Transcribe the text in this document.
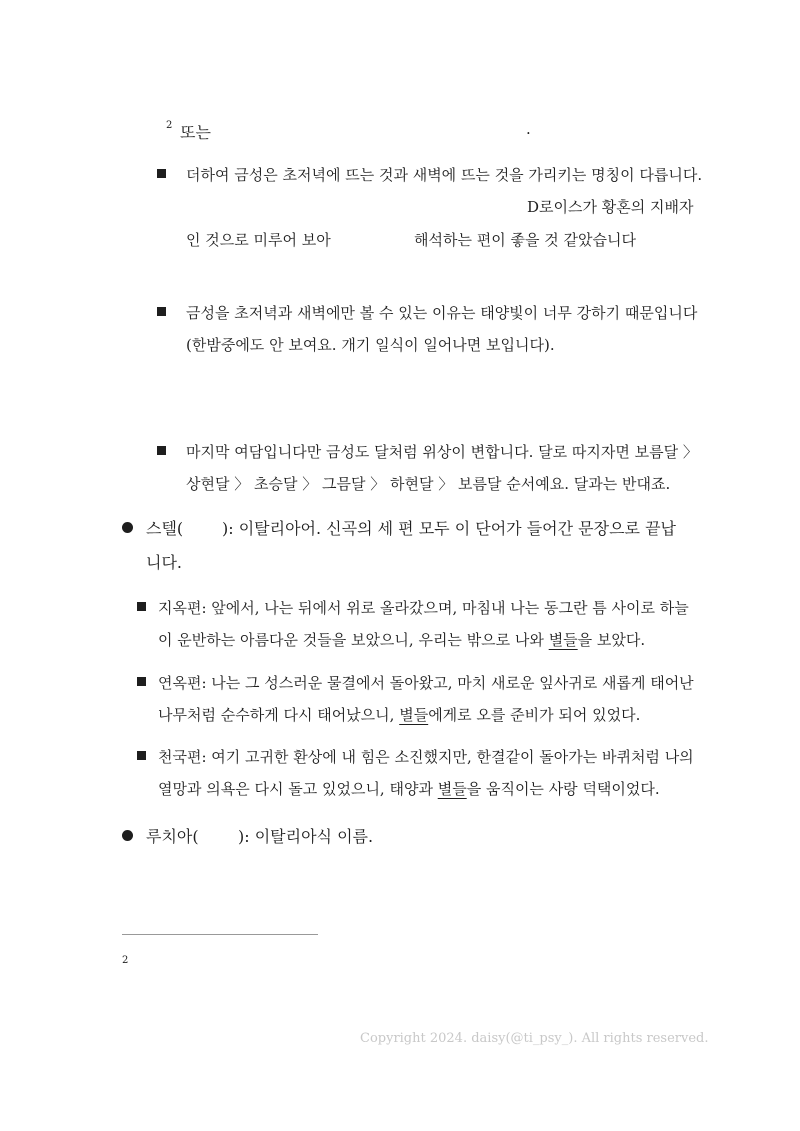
2 또는	.
더하여 금성은 초저녁에 뜨는 것과 새벽에 뜨는 것을 가리키는 명칭이 다릅니다.
D로이스가 황혼의 지배자
인 것으로 미루어 보아	해석하는 편이 좋을 것 같았습니다
금성을 초저녁과 새벽에만 볼 수 있는 이유는 태양빛이 너무 강하기 때문입니다
(한밤중에도 안 보여요. 개기 일식이 일어나면 보입니다).
마지막 여담입니다만 금성도 달처럼 위상이 변합니다. 달로 따지자면 보름달 〉
상현달 〉 초승달 〉 그믐달 〉 하현달 〉 보름달 순서예요. 달과는 반대죠.
스텔( ): 이탈리아어. 신곡의 세 편 모두 이 단어가 들어간 문장으로 끝납
니다.
지옥편: 앞에서, 나는 뒤에서 위로 올라갔으며, 마침내 나는 동그란 틈 사이로 하늘
이 운반하는 아름다운 것들을 보았으니, 우리는 밖으로 나와 별들을 보았다.
연옥편: 나는 그 성스러운 물결에서 돌아왔고, 마치 새로운 잎사귀로 새롭게 태어난
나무처럼 순수하게 다시 태어났으니, 별들에게로 오를 준비가 되어 있었다.
천국편: 여기 고귀한 환상에 내 힘은 소진했지만, 한결같이 돌아가는 바퀴처럼 나의
열망과 의욕은 다시 돌고 있었으니, 태양과 별들을 움직이는 사랑 덕택이었다.
루치아( ): 이탈리아식 이름.
2
Copyright 2024. daisy(@ti_psy_). All rights reserved.
